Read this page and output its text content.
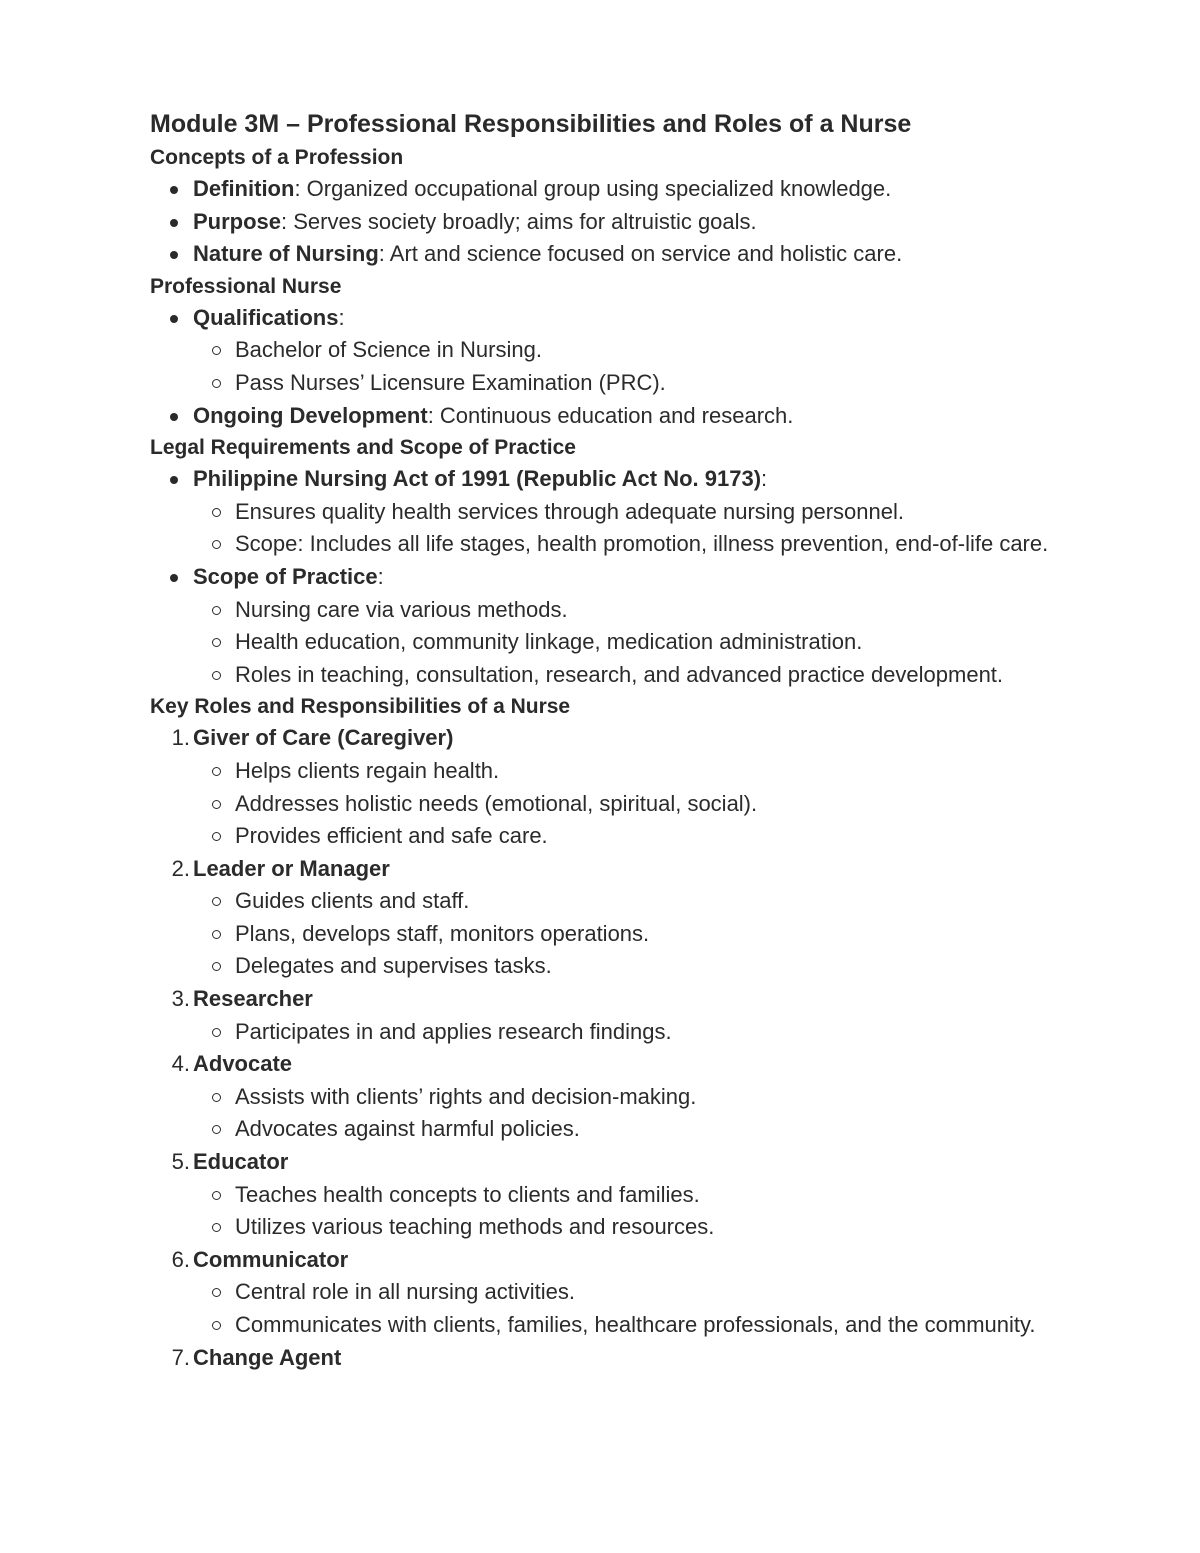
Module 3M – Professional Responsibilities and Roles of a Nurse
Concepts of a Profession
Definition: Organized occupational group using specialized knowledge.
Purpose: Serves society broadly; aims for altruistic goals.
Nature of Nursing: Art and science focused on service and holistic care.
Professional Nurse
Qualifications:
Bachelor of Science in Nursing.
Pass Nurses’ Licensure Examination (PRC).
Ongoing Development: Continuous education and research.
Legal Requirements and Scope of Practice
Philippine Nursing Act of 1991 (Republic Act No. 9173):
Ensures quality health services through adequate nursing personnel.
Scope: Includes all life stages, health promotion, illness prevention, end-of-life care.
Scope of Practice:
Nursing care via various methods.
Health education, community linkage, medication administration.
Roles in teaching, consultation, research, and advanced practice development.
Key Roles and Responsibilities of a Nurse
1. Giver of Care (Caregiver)
Helps clients regain health.
Addresses holistic needs (emotional, spiritual, social).
Provides efficient and safe care.
2. Leader or Manager
Guides clients and staff.
Plans, develops staff, monitors operations.
Delegates and supervises tasks.
3. Researcher
Participates in and applies research findings.
4. Advocate
Assists with clients’ rights and decision-making.
Advocates against harmful policies.
5. Educator
Teaches health concepts to clients and families.
Utilizes various teaching methods and resources.
6. Communicator
Central role in all nursing activities.
Communicates with clients, families, healthcare professionals, and the community.
7. Change Agent
